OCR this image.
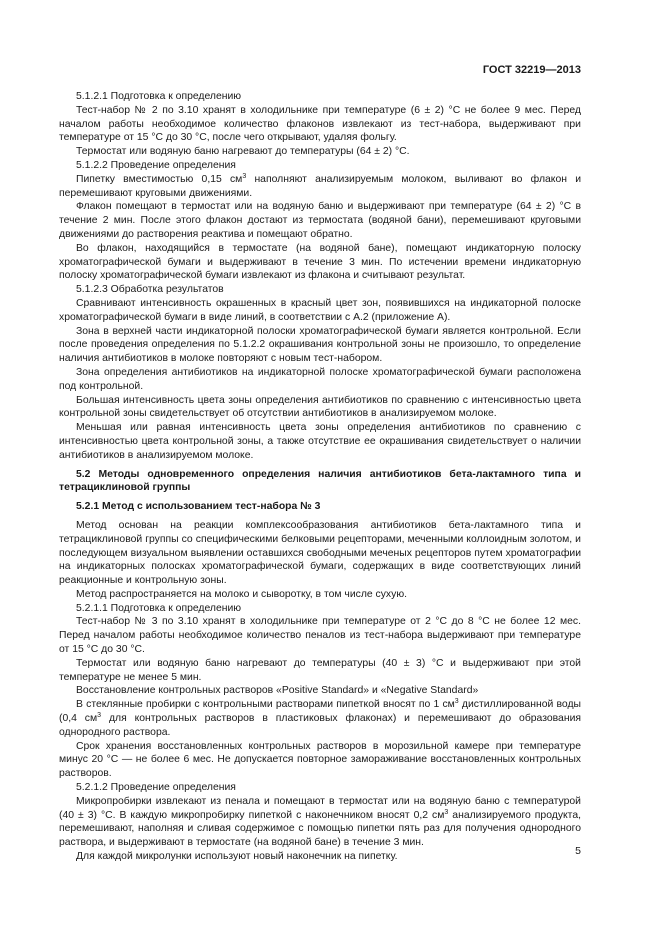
ГОСТ 32219—2013

5.1.2.1 Подготовка к определению

Тест-набор № 2 по 3.10 хранят в холодильнике при температуре (6 ± 2) °С не более 9 мес. Перед началом работы необходимое количество флаконов извлекают из тест-набора, выдерживают при температуре от 15 °С до 30 °С, после чего открывают, удаляя фольгу.

Термостат или водяную баню нагревают до температуры (64 ± 2) °С.

5.1.2.2 Проведение определения

Пипетку вместимостью 0,15 $см^3$ наполняют анализируемым молоком, выливают во флакон и перемешивают круговыми движениями.

Флакон помещают в термостат или на водяную баню и выдерживают при температуре (64 ± 2) °С в течение 2 мин. После этого флакон достают из термостата (водяной бани), перемешивают круговыми движениями до растворения реактива и помещают обратно.

Во флакон, находящийся в термостате (на водяной бане), помещают индикаторную полоску хроматографической бумаги и выдерживают в течение 3 мин. По истечении времени индикаторную полоску хроматографической бумаги извлекают из флакона и считывают результат.

5.1.2.3 Обработка результатов

Сравнивают интенсивность окрашенных в красный цвет зон, появившихся на индикаторной полоске хроматографической бумаги в виде линий, в соответствии с А.2 (приложение А).

Зона в верхней части индикаторной полоски хроматографической бумаги является контрольной. Если после проведения определения по 5.1.2.2 окрашивания контрольной зоны не произошло, то определение наличия антибиотиков в молоке повторяют с новым тест-набором.

Зона определения антибиотиков на индикаторной полоске хроматографической бумаги расположена под контрольной.

Большая интенсивность цвета зоны определения антибиотиков по сравнению с интенсивностью цвета контрольной зоны свидетельствует об отсутствии антибиотиков в анализируемом молоке.

Меньшая или равная интенсивность цвета зоны определения антибиотиков по сравнению с интенсивностью цвета контрольной зоны, а также отсутствие ее окрашивания свидетельствует о наличии антибиотиков в анализируемом молоке.

5.2 Методы одновременного определения наличия антибиотиков бета-лактамного типа и тетрациклиновой группы

5.2.1 Метод с использованием тест-набора № 3

Метод основан на реакции комплексообразования антибиотиков бета-лактамного типа и тетрациклиновой группы со специфическими белковыми рецепторами, меченными коллоидным золотом, и последующем визуальном выявлении оставшихся свободными меченых рецепторов путем хроматографии на индикаторных полосках хроматографической бумаги, содержащих в виде соответствующих линий реакционные и контрольную зоны.

Метод распространяется на молоко и сыворотку, в том числе сухую.

5.2.1.1 Подготовка к определению

Тест-набор № 3 по 3.10 хранят в холодильнике при температуре от 2 °С до 8 °С не более 12 мес. Перед началом работы необходимое количество пеналов из тест-набора выдерживают при температуре от 15 °С до 30 °С.

Термостат или водяную баню нагревают до температуры (40 ± 3) °С и выдерживают при этой температуре не менее 5 мин.

Восстановление контрольных растворов «Positive Standard» и «Negative Standard»

В стеклянные пробирки с контрольными растворами пипеткой вносят по 1 $см^3$ дистиллированной воды (0,4 $см^3$ для контрольных растворов в пластиковых флаконах) и перемешивают до образования однородного раствора.

Срок хранения восстановленных контрольных растворов в морозильной камере при температуре минус 20 °С — не более 6 мес. Не допускается повторное замораживание восстановленных контрольных растворов.

5.2.1.2 Проведение определения

Микропробирки извлекают из пенала и помещают в термостат или на водяную баню с температурой (40 ± 3) °С. В каждую микропробирку пипеткой с наконечником вносят 0,2 $см^3$ анализируемого продукта, перемешивают, наполняя и сливая содержимое с помощью пипетки пять раз для получения однородного раствора, и выдерживают в термостате (на водяной бане) в течение 3 мин.

Для каждой микролунки используют новый наконечник на пипетку.	5
